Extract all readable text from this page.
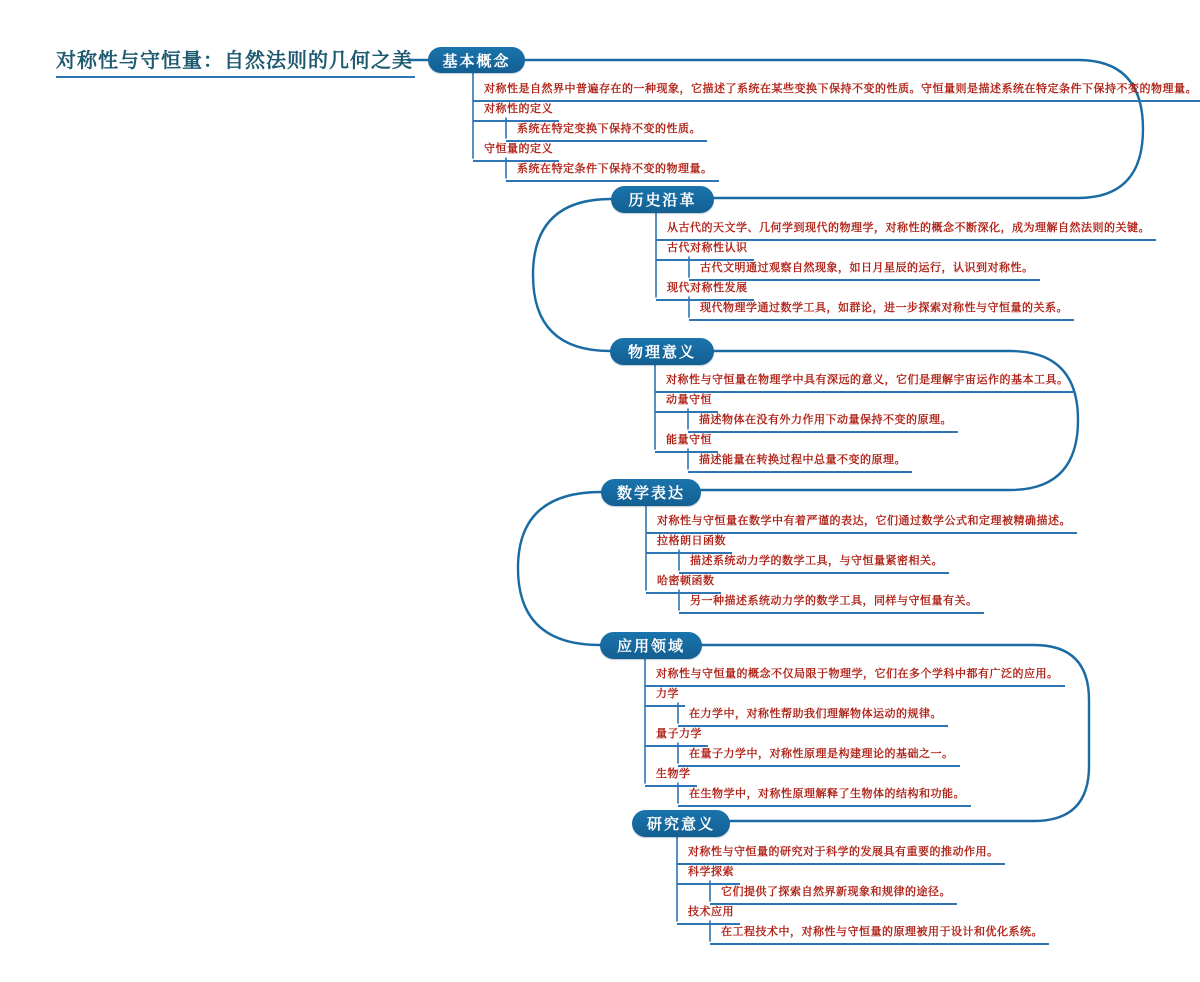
对称性与守恒量：自然法则的几何之美	基本概念
历史沿革
物理意义
数学表达
应用领域
研究意义
对称性是自然界中普遍存在的一种现象，它描述了系统在某些变换下保持不变的性质。守恒量则是描述系统在特定条件下保持不变的物理量。
对称性的定义
系统在特定变换下保持不变的性质。
守恒量的定义
系统在特定条件下保持不变的物理量。
从古代的天文学、几何学到现代的物理学，对称性的概念不断深化，成为理解自然法则的关键。
古代对称性认识
古代文明通过观察自然现象，如日月星辰的运行，认识到对称性。
现代对称性发展
现代物理学通过数学工具，如群论，进一步探索对称性与守恒量的关系。
对称性与守恒量在物理学中具有深远的意义，它们是理解宇宙运作的基本工具。
动量守恒
描述物体在没有外力作用下动量保持不变的原理。
能量守恒
描述能量在转换过程中总量不变的原理。
对称性与守恒量在数学中有着严谨的表达，它们通过数学公式和定理被精确描述。
拉格朗日函数
描述系统动力学的数学工具，与守恒量紧密相关。
哈密顿函数
另一种描述系统动力学的数学工具，同样与守恒量有关。
对称性与守恒量的概念不仅局限于物理学，它们在多个学科中都有广泛的应用。
力学
在力学中，对称性帮助我们理解物体运动的规律。
量子力学
在量子力学中，对称性原理是构建理论的基础之一。
生物学
在生物学中，对称性原理解释了生物体的结构和功能。
对称性与守恒量的研究对于科学的发展具有重要的推动作用。
科学探索
它们提供了探索自然界新现象和规律的途径。
技术应用
在工程技术中，对称性与守恒量的原理被用于设计和优化系统。
